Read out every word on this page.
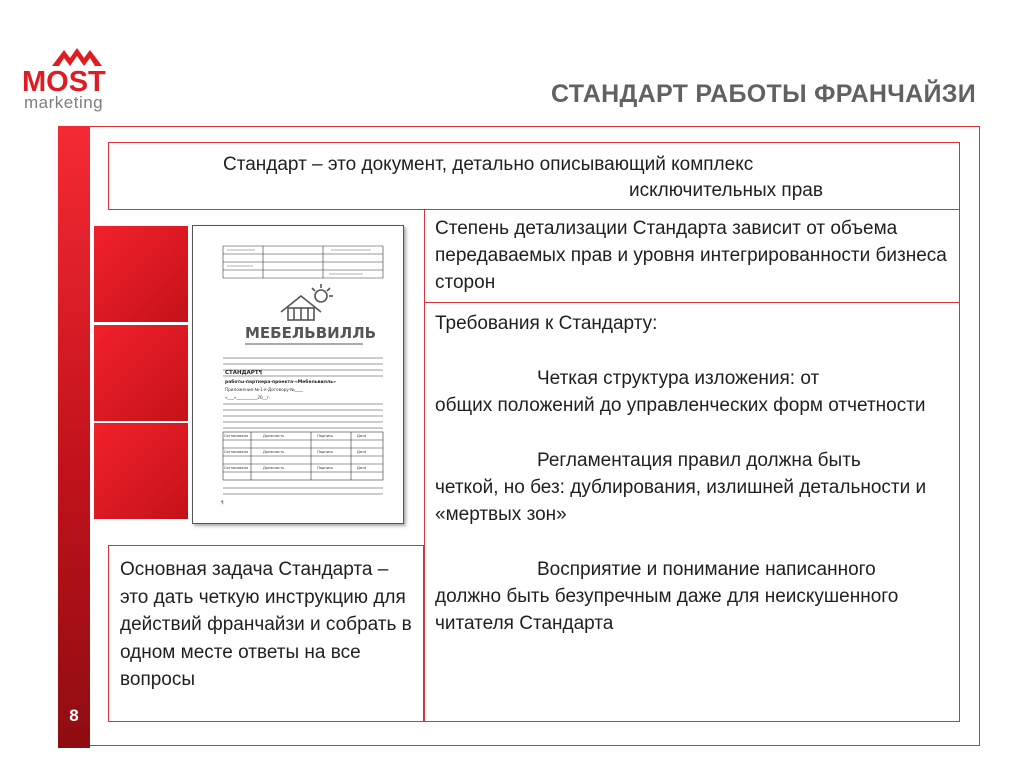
MOST
marketing	СТАНДАРТ РАБОТЫ ФРАНЧАЙЗИ
8
Стандарт – это документ, детально описывающий комплекс
исключительных прав
Степень детализации Стандарта зависит от объема передаваемых прав и уровня интегрированности бизнеса сторон
Требования к Стандарту:
Четкая структура изложения: от
общих положений до управленческих форм отчетности
Регламентация правил должна быть
четкой, но без: дублирования, излишней детальности и «мертвых зон»
Восприятие и понимание написанного
должно быть безупречным даже для неискушенного читателя Стандарта
Основная задача Стандарта – это дать четкую инструкцию для действий франчайзи и собрать в одном месте ответы на все вопросы
МЕБЕЛЬВИЛЛЬ
СТАНДАРТ¶
работы·партнера·проекта·«Мебельвилль»
Приложение·№·1·к·Договору·№____
«___»__________20__г.
Согласовано
Согласовано
Согласовано
Должность
Должность
Должность
Подпись
Подпись
Подпись
Дата
Дата
Дата
¶
